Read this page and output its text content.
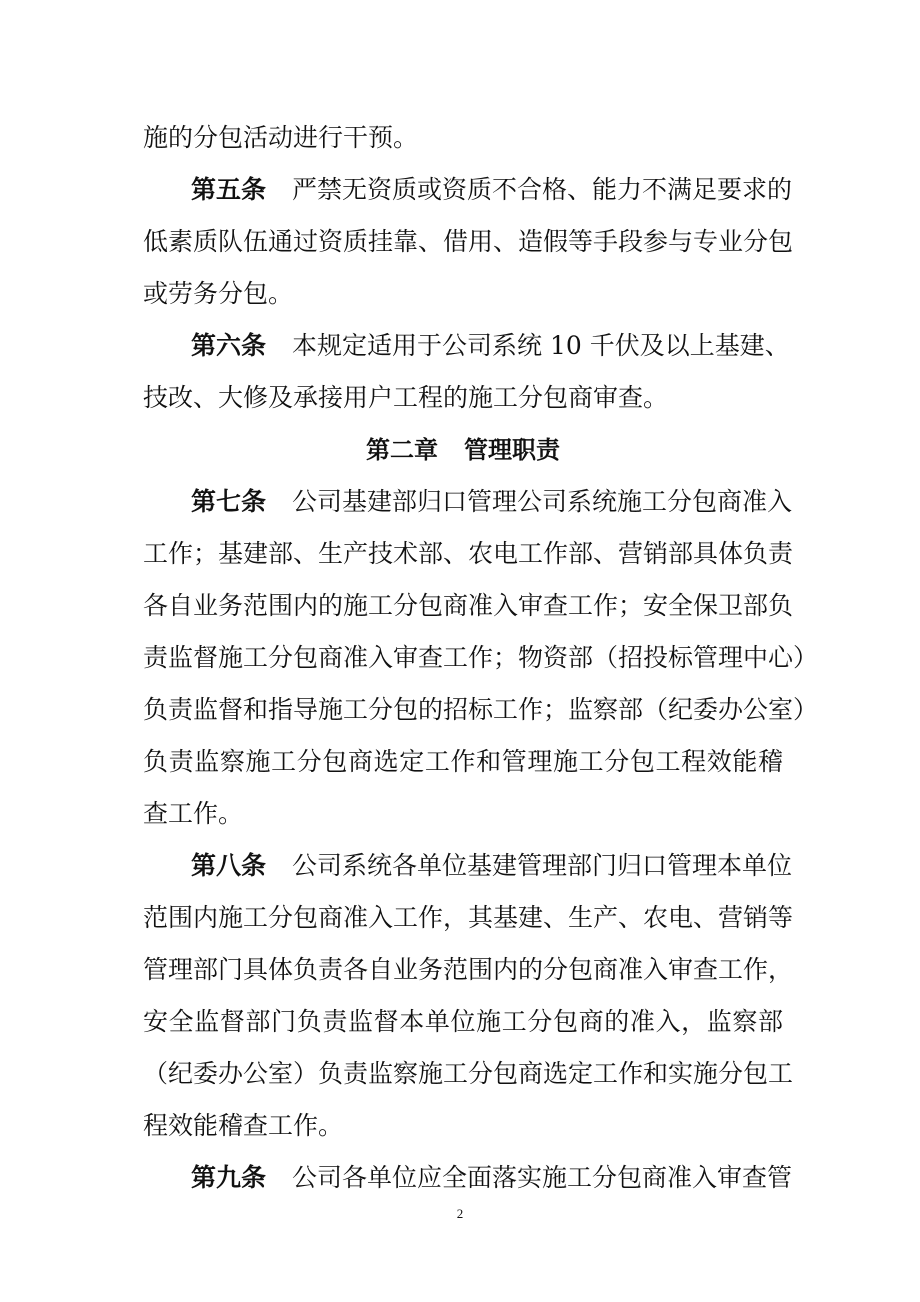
施的分包活动进行干预。
第五条 严禁无资质或资质不合格、能力不满足要求的
低素质队伍通过资质挂靠、借用、造假等手段参与专业分包
或劳务分包。
第六条 本规定适用于公司系统 10 千伏及以上基建、
技改、大修及承接用户工程的施工分包商审查。
第二章 管理职责
第七条 公司基建部归口管理公司系统施工分包商准入
工作；基建部、生产技术部、农电工作部、营销部具体负责
各自业务范围内的施工分包商准入审查工作；安全保卫部负
责监督施工分包商准入审查工作；物资部（招投标管理中心）
负责监督和指导施工分包的招标工作；监察部（纪委办公室）
负责监察施工分包商选定工作和管理施工分包工程效能稽
查工作。
第八条 公司系统各单位基建管理部门归口管理本单位
范围内施工分包商准入工作，其基建、生产、农电、营销等
管理部门具体负责各自业务范围内的分包商准入审查工作，
安全监督部门负责监督本单位施工分包商的准入，监察部
（纪委办公室）负责监察施工分包商选定工作和实施分包工
程效能稽查工作。
第九条 公司各单位应全面落实施工分包商准入审查管
2
